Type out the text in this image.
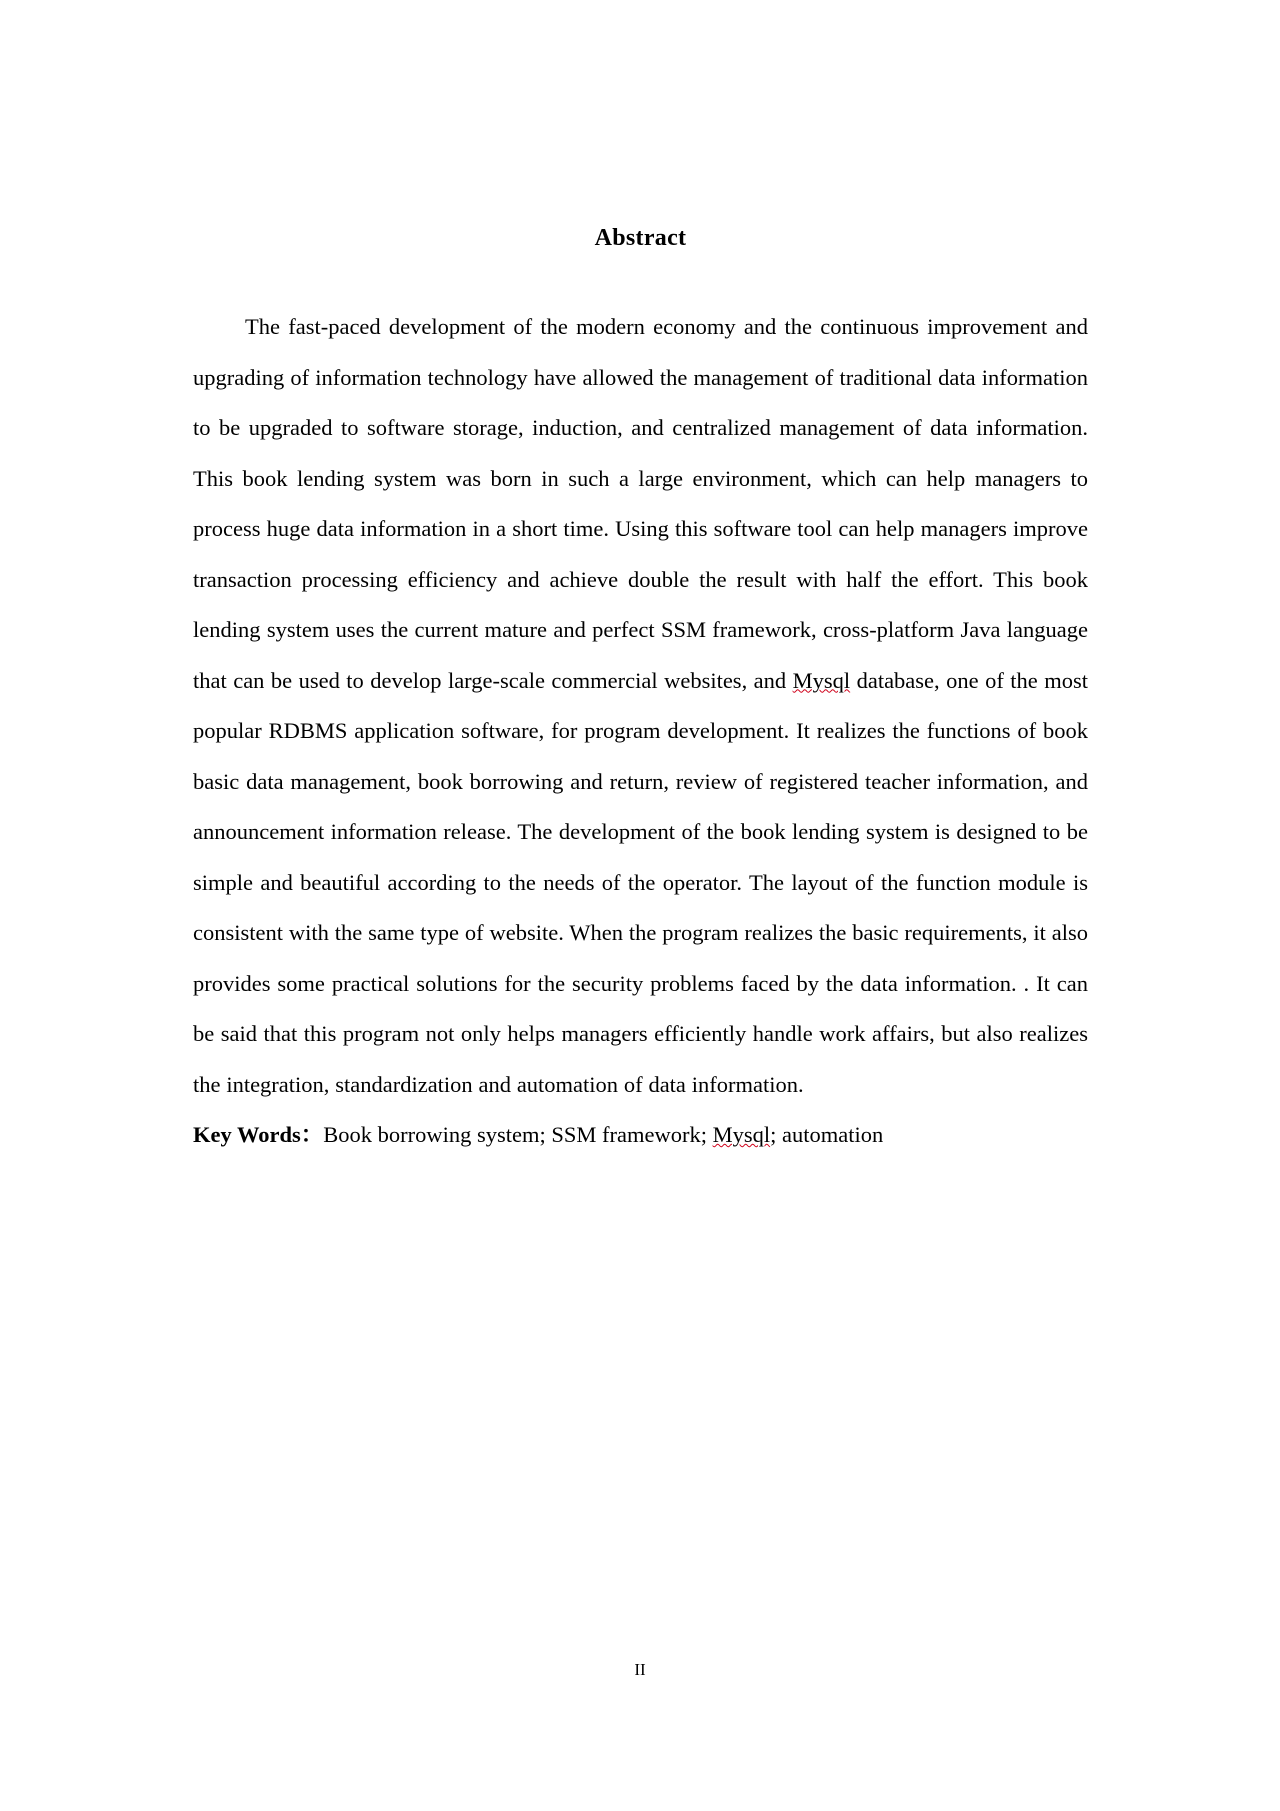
Abstract

The fast-paced development of the modern economy and the continuous improvement and upgrading of information technology have allowed the management of traditional data information to be upgraded to software storage, induction, and centralized management of data information. This book lending system was born in such a large environment, which can help managers to process huge data information in a short time. Using this software tool can help managers improve transaction processing efficiency and achieve double the result with half the effort. This book lending system uses the current mature and perfect SSM framework, cross-platform Java language that can be used to develop large-scale commercial websites, and Mysql database, one of the most popular RDBMS application software, for program development. It realizes the functions of book basic data management, book borrowing and return, review of registered teacher information, and announcement information release. The development of the book lending system is designed to be simple and beautiful according to the needs of the operator. The layout of the function module is consistent with the same type of website. When the program realizes the basic requirements, it also provides some practical solutions for the security problems faced by the data information. . It can be said that this program not only helps managers efficiently handle work affairs, but also realizes the integration, standardization and automation of data information.

Key Words：Book borrowing system; SSM framework; Mysql; automation

II
